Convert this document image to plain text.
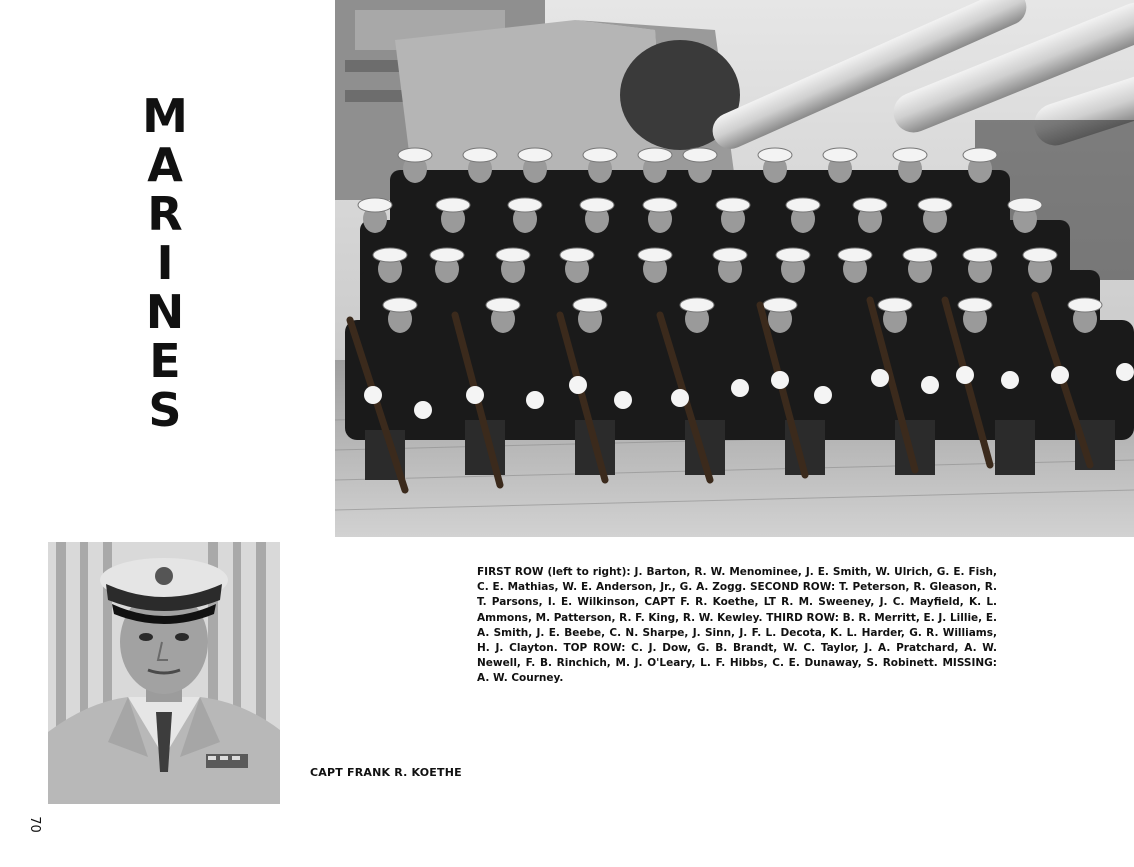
M
A
R
I
N
E
S
CAPT FRANK R. KOETHE
FIRST ROW (left to right): J. Barton, R. W. Menominee, J. E. Smith, W. Ulrich, G. E. Fish, C. E. Mathias, W. E. Anderson, Jr., G. A. Zogg. SECOND ROW: T. Peterson, R. Gleason, R. T. Parsons, I. E. Wilkinson, CAPT F. R. Koethe, LT R. M. Sweeney, J. C. Mayfield, K. L. Ammons, M. Patterson, R. F. King, R. W. Kewley. THIRD ROW: B. R. Merritt, E. J. Lillie, E. A. Smith, J. E. Beebe, C. N. Sharpe, J. Sinn, J. F. L. Decota, K. L. Harder, G. R. Williams, H. J. Clayton. TOP ROW: C. J. Dow, G. B. Brandt, W. C. Taylor, J. A. Pratchard, A. W. Newell, F. B. Rinchich, M. J. O'Leary, L. F. Hibbs, C. E. Dunaway, S. Robinett. MISSING: A. W. Courney.
70
